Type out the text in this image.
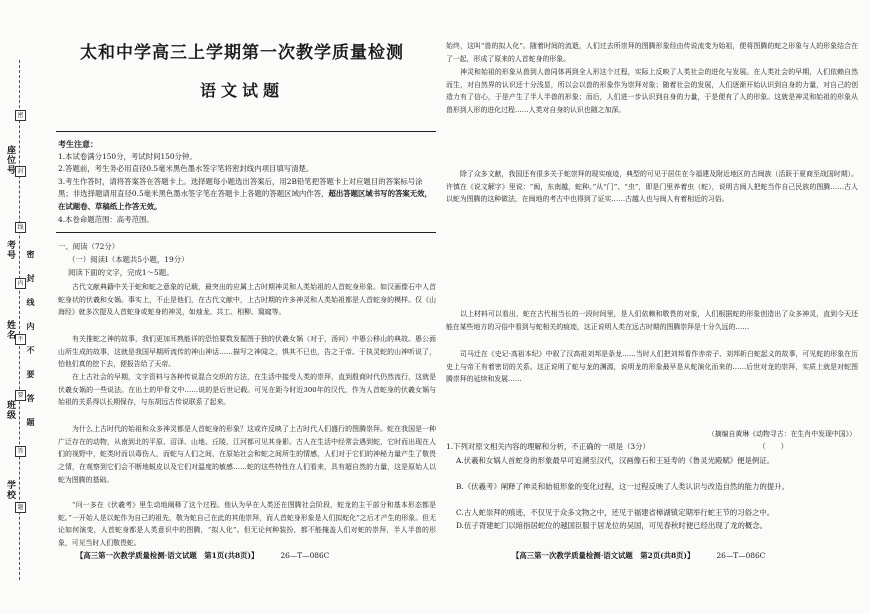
学校
班级
姓名
考号
座位号
密封线内不要答题
密
封
线
内
不
要
答
题
太和中学高三上学期第一次教学质量检测
语文试题
考生注意：
1.本试卷满分150分，考试时间150分钟。
2.答题前，考生务必用直径0.5毫米黑色墨水签字笔将密封线内项目填写清楚。
3.考生作答时，请将答案答在答题卡上。选择题每小题选出答案后，用2B铅笔把答题卡上对应题目的答案标号涂黑；非选择题请用直径0.5毫米黑色墨水签字笔在答题卡上各题的答题区域内作答，超出答题区域书写的答案无效，在试题卷、草稿纸上作答无效。
4.本卷命题范围：高考范围。
一、阅读（72分）
（一）阅读Ⅰ（本题共5小题，19分）
阅读下面的文字，完成1～5题。

古代文献典籍中关于蛇和蛇之意象的记载，最突出的应属上古时期神灵和人类始祖的人首蛇身形象。如汉画像石中人首蛇身状的伏羲和女娲。事实上，不止是他们，在古代文献中，上古时期的许多神灵和人类始祖都是人首蛇身的模样。仅《山海经》就多次提及人首蛇身或蛇身的神灵，如烛龙、共工、相柳、窫窳等。

有关推蛇之神的故事，我们更加耳熟能详的恐怕要数发掘图于独的伏羲女娲（对于，汤问）中愚公移山的典故。愚公面山所生成的故事，这就是我国早期所流传的神山神话……描写之神闻之，惧其不已也，告之于帝。于执灵蛇的山神听说了，怕他们真的挖下去，便报告给了天帝。

在上古社会的早期，文字资料与各种传说混合交织的方法，在生活中接受人类的崇拜，直到殷商时代仍然流行，这就是伏羲女娲的一些说法。在出土的甲骨文中……说的是后世记载。可见在距今时近300年的汉代，作为人首蛇身的伏羲女娲与始祖的关系得以长期保存，与东胡远古传说联系了起来。

为什么上古时代的始祖和众多神灵都是人首蛇身的形象？这或许反映了上古时代人们盛行的图腾崇拜。蛇在我国是一种广泛存在的动物，从南到北的平原、沼泽、山地、丘陵、江河都可见其身影。古人在生活中经常会遇到蛇，它时而出现在人们的视野中，蛇类时而以毒伤人，而蛇与人们之间，在原始社会和蛇之间所生的情感，人们对于它们的神秘力量产生了敬畏之情，在观察到它们会不断地蜕皮以及它们对温度的敏感……蛇的这些特性在人们看来，具有超自然的力量，这是原始人以蛇为图腾的基础。

“问一多在《伏羲考》里生动地阐释了这个过程。他认为早在人类还在图腾社会阶段，蛇龙的主干部分和基本形态都是蛇。”一开始人是以蛇作为自己的祖先，敬为蛇自己在此的其他崇拜，而人首蛇身形象是人们拟蛇化”之后才产生的形象。但无论如何演变，人首蛇身都是人类意识中的图腾，“拟人化”。但无论何种装扮，都不能掩盖人们对蛇的崇拜，半人半兽的形象，可见当时人们敬畏蛇。

【高三第一次教学质量检测·语文试题　第1页(共8页)】	26—T—086C

始终，这叫“兽的拟人化”。随着时间的流逝，人们过去所崇拜的图腾形象经由传说流变为始祖，便将图腾的蛇之形象与人的形象结合在了一起，形成了原来的人首蛇身的形象。

神灵和始祖的形象从兽到人兽同体再到全人形这个过程，实际上反映了人类社会的进化与发展。在人类社会的早期，人们依赖自然而生，对自然界的认识还十分浅显，所以会以兽的形象作为崇拜对象；随着社会的发展，人们逐渐开始认识到自身的力量，对自己的创造力有了信心，于是产生了半人半兽的形象；而后，人们进一步认识到自身的力量，于是便有了人的形象。这就是神灵和始祖的形象从兽形到人形的进化过程……人类对自身的认识也随之加深。

除了众多文献，我国还有很多关于蛇崇拜的现实痕迹，典型的可见于居住在今福建及附近地区的古闽族（活跃于夏商至战国时期）。许慎在《说文解字》里说：“闽，东南越，蛇种。”从“门”、“虫”，即是门里养着虫（蛇），说明古闽人把蛇当作自己民族的图腾……古人以蛇为图腾的这种做法，在闽地的考古中也得到了证实……古越人也与闽人有着相近的习俗。

以上材料可以看出，蛇在古代相当长的一段时间里，是人们依赖和敬畏的对象，人们根据蛇的形象创造出了众多神灵，直到今天还能在某些地方的习俗中看到与蛇相关的痕迹，这正说明人类在远古时期的图腾崇拜是十分久远的……

司马迁在《史记·高祖本纪》中叙了汉高祖刘邦是条龙……当时人们把刘邦看作赤帝子、刘邦斩白蛇起义的故事，可见蛇的形象在历史上与帝王有着密切的关系。这正说明了蛇与龙的渊源，说明龙的形象最早是从蛇演化而来的……后世对龙的崇拜，实质上就是对蛇图腾崇拜的延续和发展……

（摘编自黄琳《动物寻古：在生肖中发现中国》）
1.下列对原文相关内容的理解和分析，不正确的一项是（3分）	（　　）
A.伏羲和女娲人首蛇身的形象最早可追溯至汉代，汉画像石和王延寿的《鲁灵光殿赋》便是例证。
B.《伏羲考》阐释了神灵和始祖形象的变化过程，这一过程反映了人类认识与改造自然的能力的提升。
C.古人蛇崇拜的痕迹，不仅见于众多文物之中，还见于福建省樟湖镇定期举行蛇王节的习俗之中。
D.伍子胥建蛇门以暗指居蛇位的越国臣服于居龙位的吴国，可见春秋时便已经出现了龙的概念。
【高三第一次教学质量检测·语文试题　第2页(共8页)】	26—T—086C
